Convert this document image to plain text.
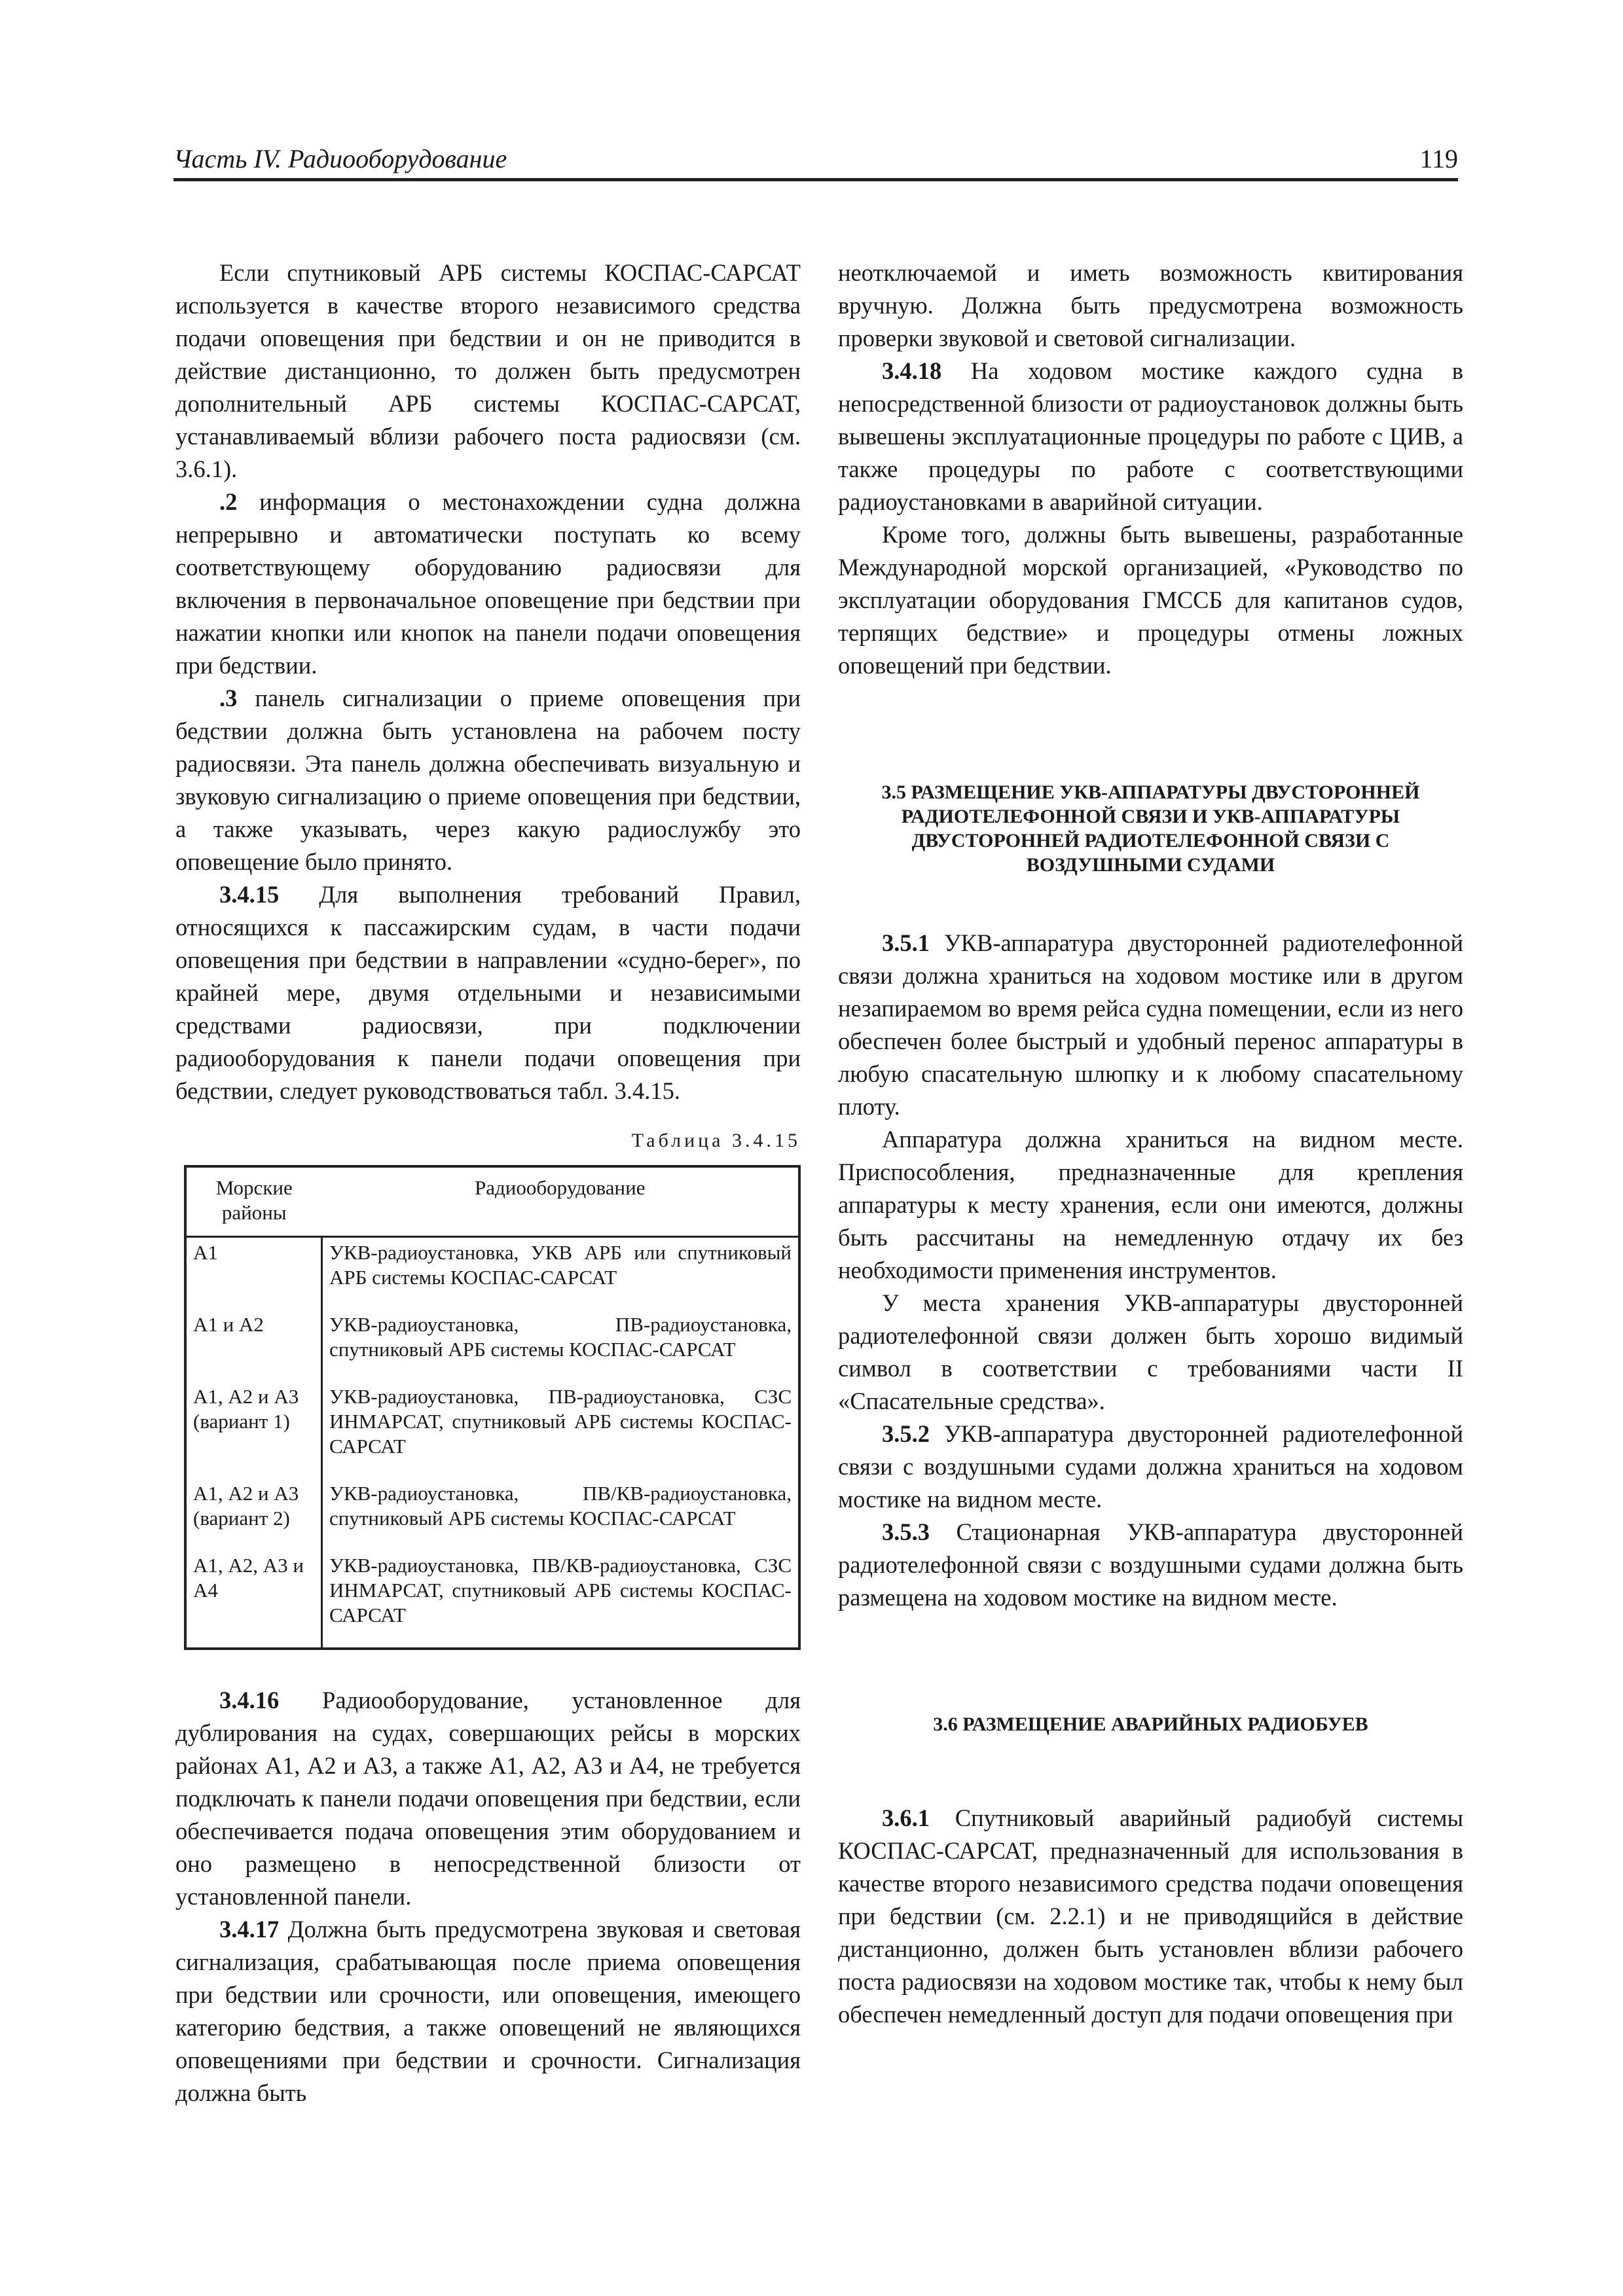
Часть IV. Радиооборудование	119

Если спутниковый АРБ системы КОСПАС-САРСАТ используется в качестве второго независимого средства подачи оповещения при бедствии и он не приводится в действие дистанционно, то должен быть предусмотрен дополнительный АРБ системы КОСПАС-САРСАТ, устанавливаемый вблизи рабочего поста радиосвязи (см. 3.6.1).

.2 информация о местонахождении судна должна непрерывно и автоматически поступать ко всему соответствующему оборудованию радиосвязи для включения в первоначальное оповещение при бедствии при нажатии кнопки или кнопок на панели подачи оповещения при бедствии.

.3 панель сигнализации о приеме оповещения при бедствии должна быть установлена на рабочем посту радиосвязи. Эта панель должна обеспечивать визуальную и звуковую сигнализацию о приеме оповещения при бедствии, а также указывать, через какую радиослужбу это оповещение было принято.

3.4.15 Для выполнения требований Правил, относящихся к пассажирским судам, в части подачи оповещения при бедствии в направлении «судно-берег», по крайней мере, двумя отдельными и независимыми средствами радиосвязи, при подключении радиооборудования к панели подачи оповещения при бедствии, следует руководствоваться табл. 3.4.15.

Таблица 3.4.15

Морские районы	Радиооборудование
А1	УКВ-радиоустановка, УКВ АРБ или спутниковый АРБ системы КОСПАС-САРСАТ
А1 и А2	УКВ-радиоустановка, ПВ-радиоустановка, спутниковый АРБ системы КОСПАС-САРСАТ
А1, А2 и А3 (вариант 1)	УКВ-радиоустановка, ПВ-радиоустановка, СЗС ИНМАРСАТ, спутниковый АРБ системы КОСПАС-САРСАТ
А1, А2 и А3 (вариант 2)	УКВ-радиоустановка, ПВ/КВ-радиоустановка, спутниковый АРБ системы КОСПАС-САРСАТ
А1, А2, А3 и А4	УКВ-радиоустановка, ПВ/КВ-радиоустановка, СЗС ИНМАРСАТ, спутниковый АРБ системы КОСПАС-САРСАТ

3.4.16 Радиооборудование, установленное для дублирования на судах, совершающих рейсы в морских районах А1, А2 и А3, а также А1, А2, А3 и А4, не требуется подключать к панели подачи оповещения при бедствии, если обеспечивается подача оповещения этим оборудованием и оно размещено в непосредственной близости от установленной панели.

3.4.17 Должна быть предусмотрена звуковая и световая сигнализация, срабатывающая после приема оповещения при бедствии или срочности, или оповещения, имеющего категорию бедствия, а также оповещений не являющихся оповещениями при бедствии и срочности. Сигнализация должна быть

неотключаемой и иметь возможность квитирования вручную. Должна быть предусмотрена возможность проверки звуковой и световой сигнализации.

3.4.18 На ходовом мостике каждого судна в непосредственной близости от радиоустановок должны быть вывешены эксплуатационные процедуры по работе с ЦИВ, а также процедуры по работе с соответствующими радиоустановками в аварийной ситуации.

Кроме того, должны быть вывешены, разработанные Международной морской организацией, «Руководство по эксплуатации оборудования ГМССБ для капитанов судов, терпящих бедствие» и процедуры отмены ложных оповещений при бедствии.

3.5 РАЗМЕЩЕНИЕ УКВ-АППАРАТУРЫ ДВУСТОРОННЕЙ РАДИОТЕЛЕФОННОЙ СВЯЗИ И УКВ-АППАРАТУРЫ ДВУСТОРОННЕЙ РАДИОТЕЛЕФОННОЙ СВЯЗИ С ВОЗДУШНЫМИ СУДАМИ

3.5.1 УКВ-аппаратура двусторонней радиотелефонной связи должна храниться на ходовом мостике или в другом незапираемом во время рейса судна помещении, если из него обеспечен более быстрый и удобный перенос аппаратуры в любую спасательную шлюпку и к любому спасательному плоту.

Аппаратура должна храниться на видном месте. Приспособления, предназначенные для крепления аппаратуры к месту хранения, если они имеются, должны быть рассчитаны на немедленную отдачу их без необходимости применения инструментов.

У места хранения УКВ-аппаратуры двусторонней радиотелефонной связи должен быть хорошо видимый символ в соответствии с требованиями части II «Спасательные средства».

3.5.2 УКВ-аппаратура двусторонней радиотелефонной связи с воздушными судами должна храниться на ходовом мостике на видном месте.

3.5.3 Стационарная УКВ-аппаратура двусторонней радиотелефонной связи с воздушными судами должна быть размещена на ходовом мостике на видном месте.

3.6 РАЗМЕЩЕНИЕ АВАРИЙНЫХ РАДИОБУЕВ

3.6.1 Спутниковый аварийный радиобуй системы КОСПАС-САРСАТ, предназначенный для использования в качестве второго независимого средства подачи оповещения при бедствии (см. 2.2.1) и не приводящийся в действие дистанционно, должен быть установлен вблизи рабочего поста радиосвязи на ходовом мостике так, чтобы к нему был обеспечен немедленный доступ для подачи оповещения при
